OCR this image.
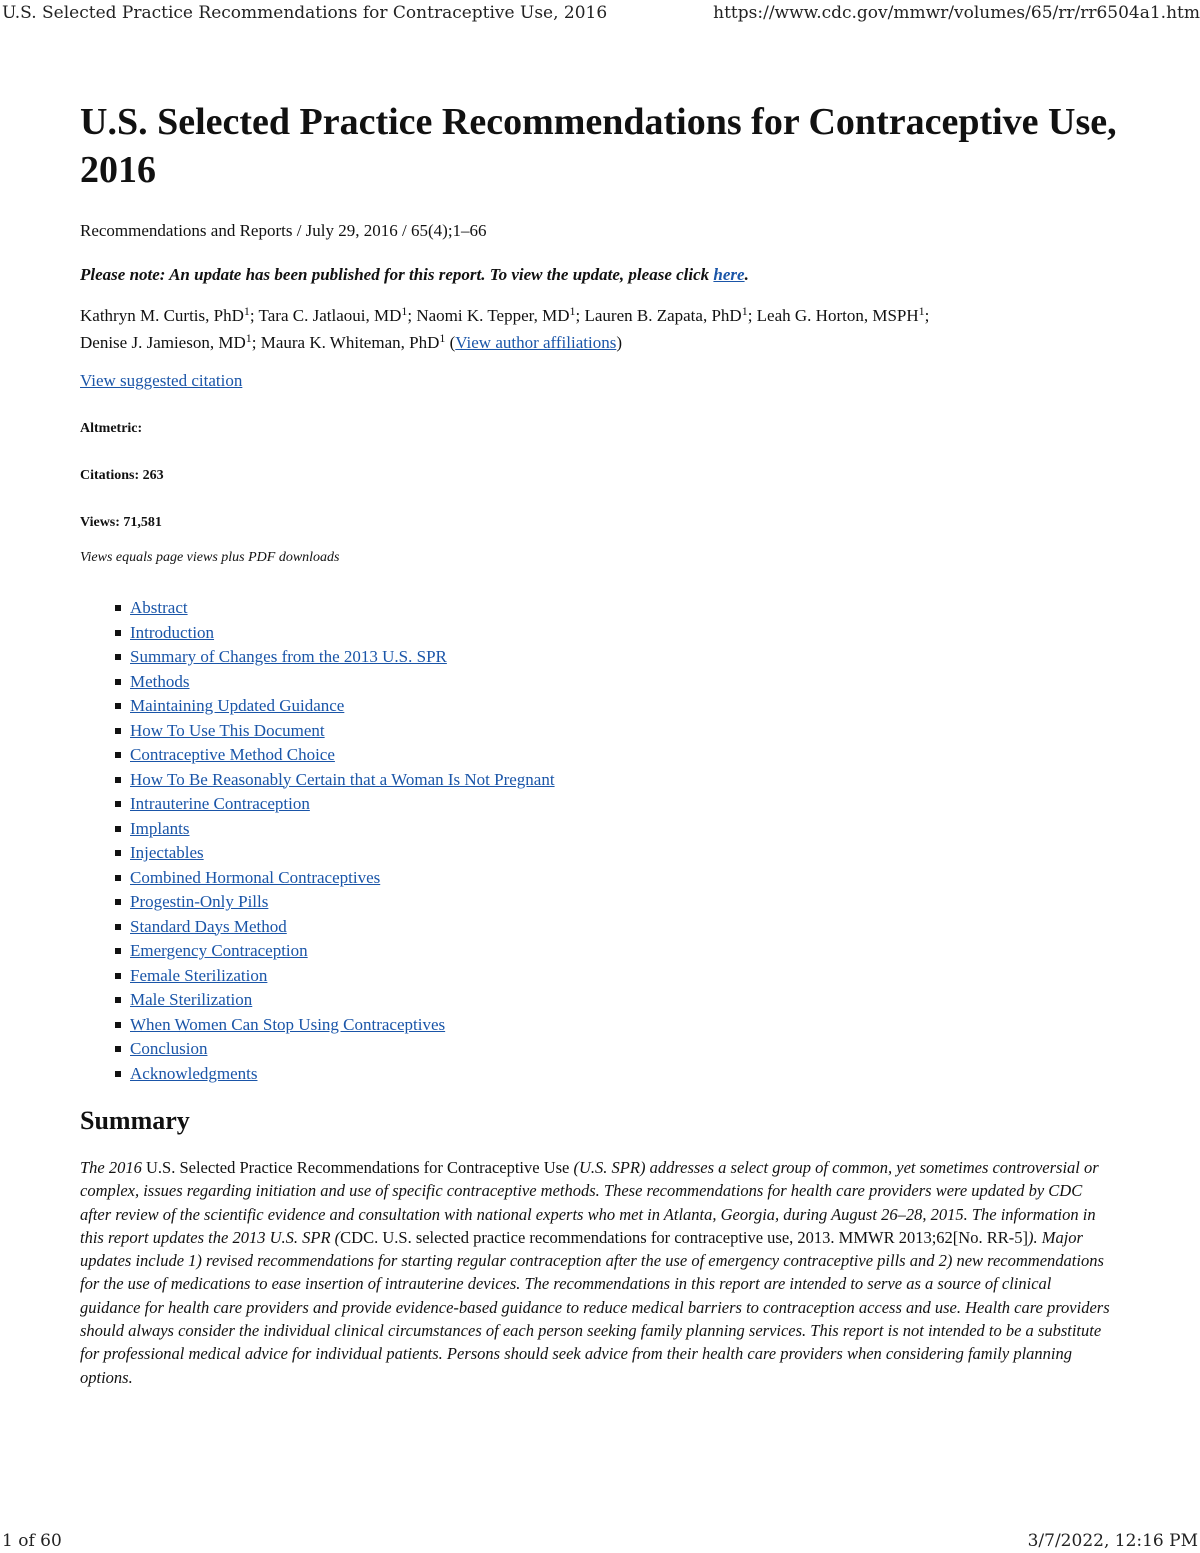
U.S. Selected Practice Recommendations for Contraceptive Use, 2016	https://www.cdc.gov/mmwr/volumes/65/rr/rr6504a1.htm
U.S. Selected Practice Recommendations for Contraceptive Use, 2016
Recommendations and Reports / July 29, 2016 / 65(4);1–66
Please note: An update has been published for this report. To view the update, please click here.
Kathryn M. Curtis, PhD$^1$; Tara C. Jatlaoui, $MD^1$; Naomi K. Tepper, $MD^1$; Lauren B. Zapata, PhD$^1$; Leah G. Horton, MSPH$^1$;
Denise J. Jamieson, $MD^1$; Maura K. Whiteman, PhD$^1$ (View author affiliations)
View suggested citation
Altmetric:
Citations: 263
Views: 71,581
Views equals page views plus PDF downloads
Abstract
Introduction
Summary of Changes from the 2013 U.S. SPR
Methods
Maintaining Updated Guidance
How To Use This Document
Contraceptive Method Choice
How To Be Reasonably Certain that a Woman Is Not Pregnant
Intrauterine Contraception
Implants
Injectables
Combined Hormonal Contraceptives
Progestin-Only Pills
Standard Days Method
Emergency Contraception
Female Sterilization
Male Sterilization
When Women Can Stop Using Contraceptives
Conclusion
Acknowledgments
Summary
The 2016 U.S. Selected Practice Recommendations for Contraceptive Use (U.S. SPR) addresses a select group of common, yet sometimes controversial or complex, issues regarding initiation and use of specific contraceptive methods. These recommendations for health care providers were updated by CDC after review of the scientific evidence and consultation with national experts who met in Atlanta, Georgia, during August 26–28, 2015. The information in this report updates the 2013 U.S. SPR (CDC. U.S. selected practice recommendations for contraceptive use, 2013. MMWR 2013;62[No. RR-5]). Major updates include 1) revised recommendations for starting regular contraception after the use of emergency contraceptive pills and 2) new recommendations for the use of medications to ease insertion of intrauterine devices. The recommendations in this report are intended to serve as a source of clinical guidance for health care providers and provide evidence-based guidance to reduce medical barriers to contraception access and use. Health care providers should always consider the individual clinical circumstances of each person seeking family planning services. This report is not intended to be a substitute for professional medical advice for individual patients. Persons should seek advice from their health care providers when considering family planning options.
1 of 60	3/7/2022, 12:16 PM
